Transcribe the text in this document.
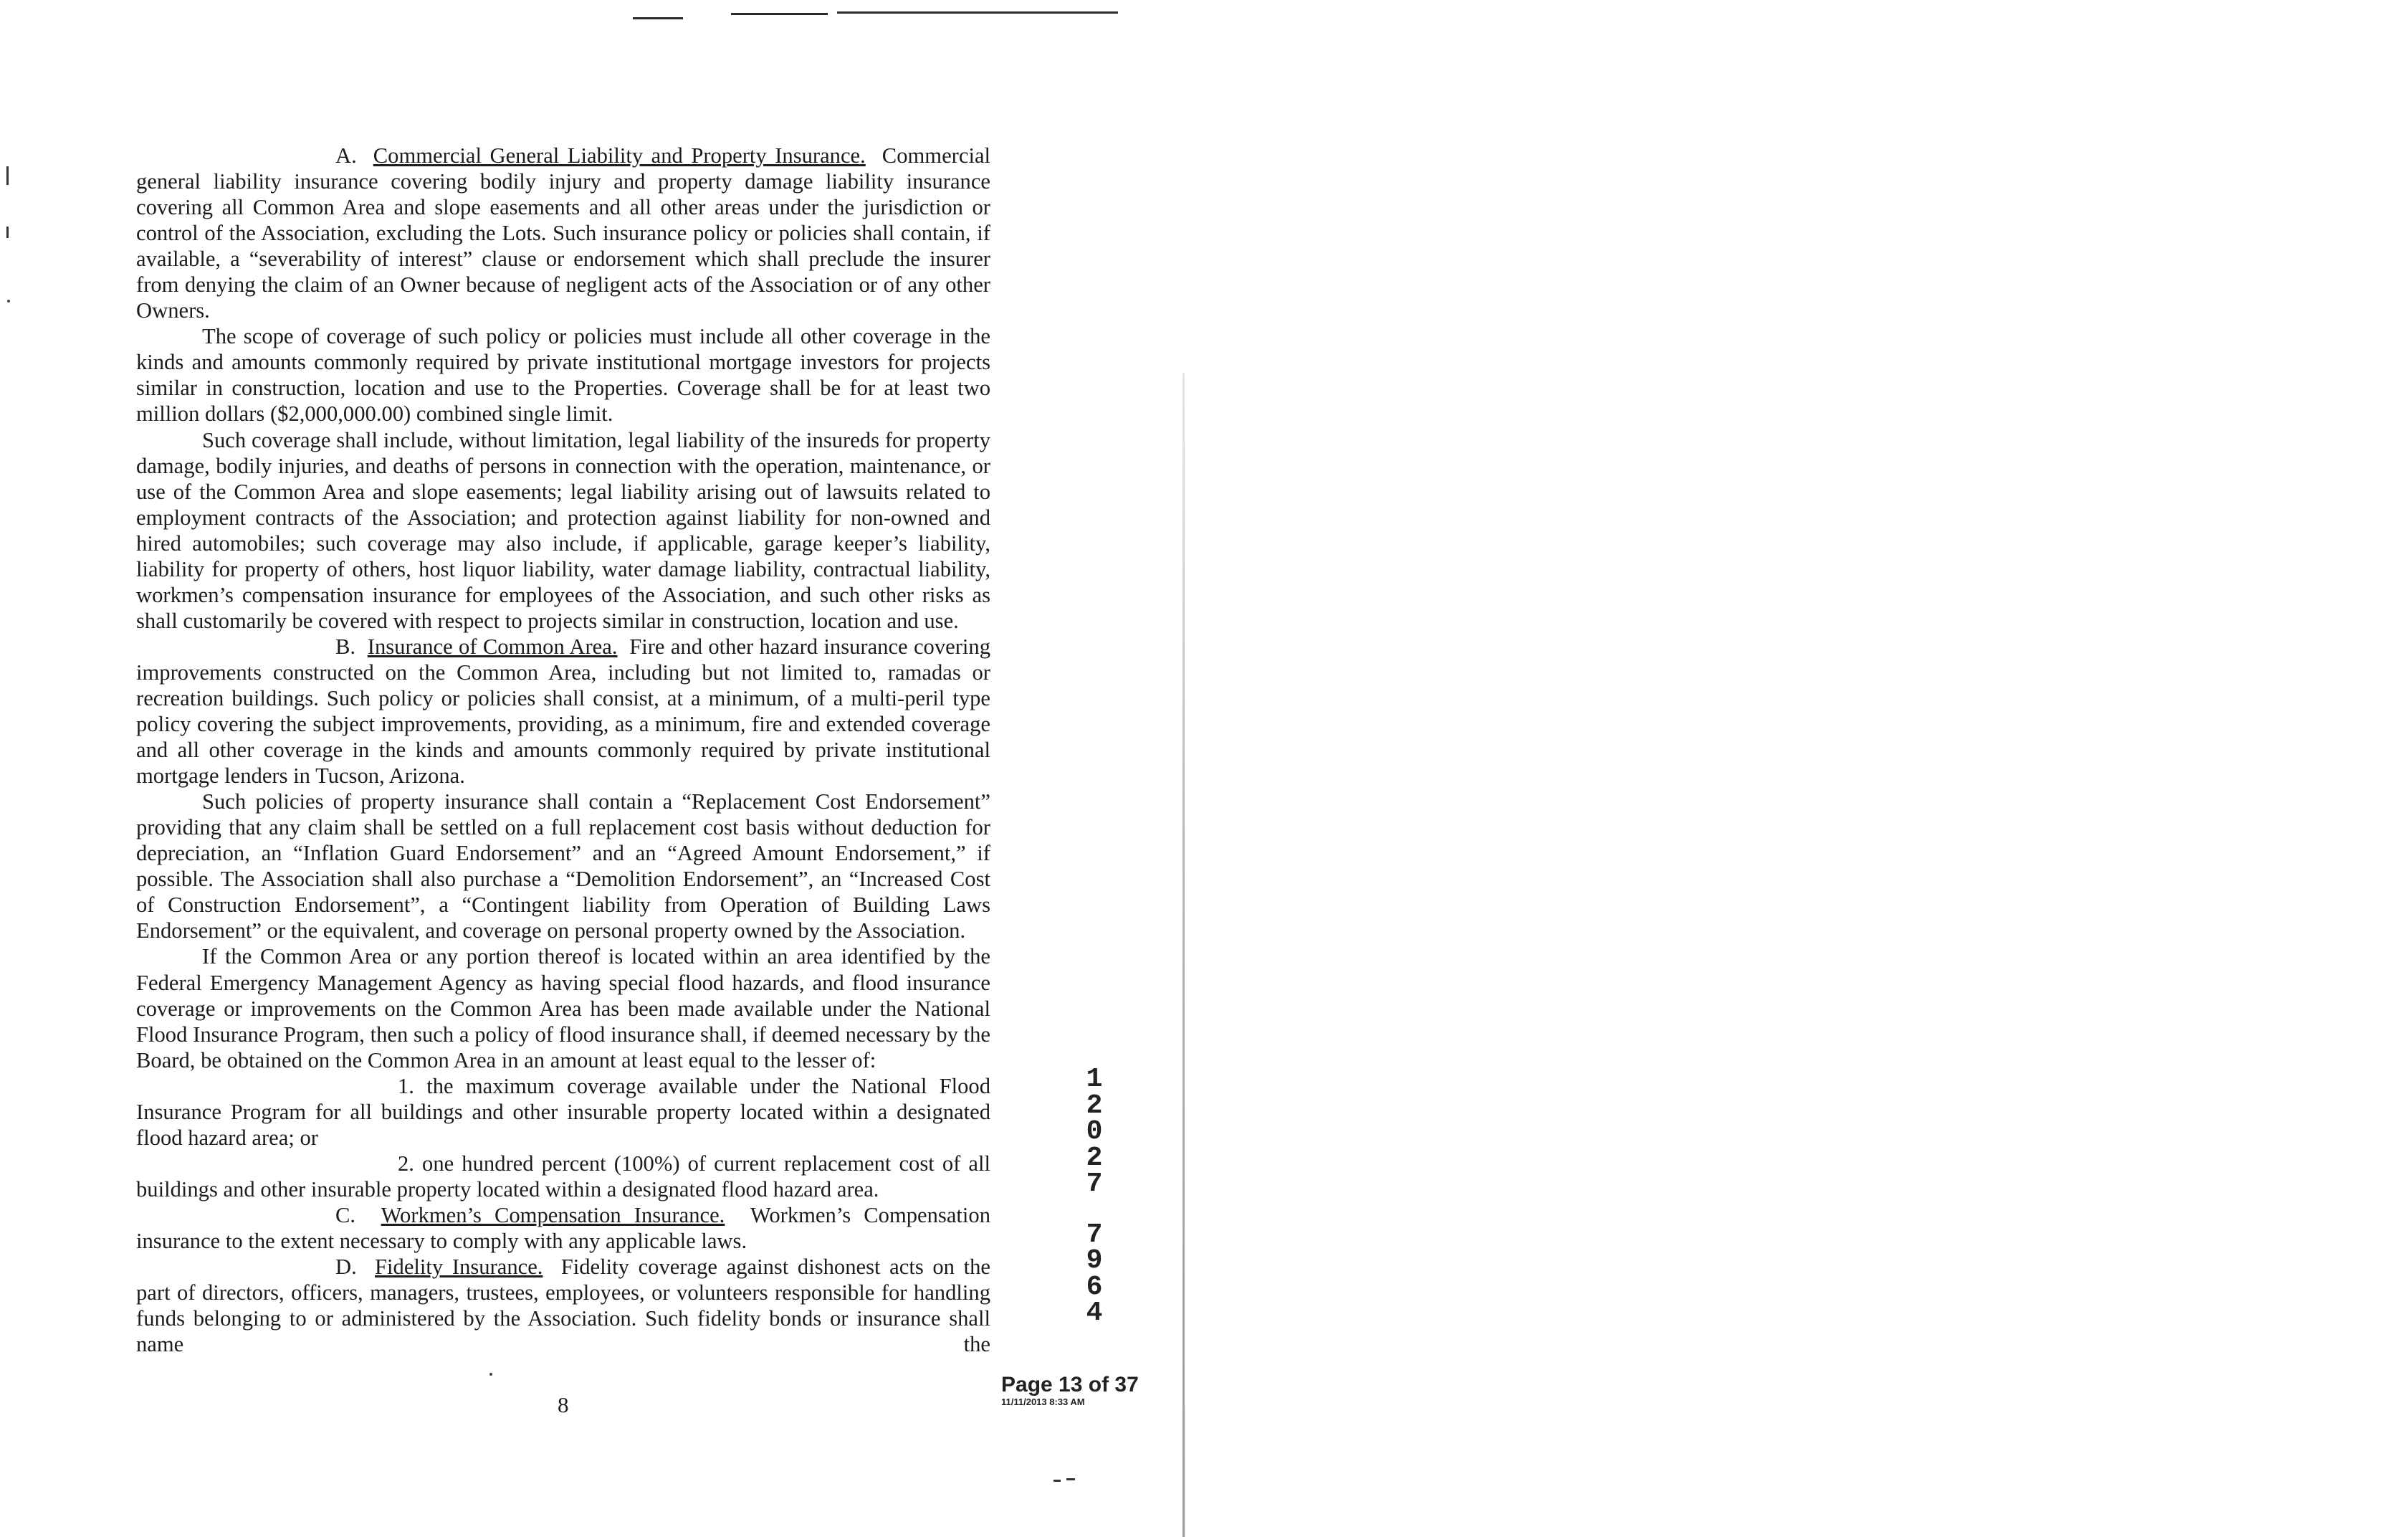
A. Commercial General Liability and Property Insurance. Commercial general liability insurance covering bodily injury and property damage liability insurance covering all Common Area and slope easements and all other areas under the jurisdiction or control of the Association, excluding the Lots. Such insurance policy or policies shall contain, if available, a “severability of interest” clause or endorsement which shall preclude the insurer from denying the claim of an Owner because of negligent acts of the Association or of any other Owners.

The scope of coverage of such policy or policies must include all other coverage in the kinds and amounts commonly required by private institutional mortgage investors for projects similar in construction, location and use to the Properties. Coverage shall be for at least two million dollars ($2,000,000.00) combined single limit.

Such coverage shall include, without limitation, legal liability of the insureds for property damage, bodily injuries, and deaths of persons in connection with the operation, maintenance, or use of the Common Area and slope easements; legal liability arising out of lawsuits related to employment contracts of the Association; and protection against liability for non-owned and hired automobiles; such coverage may also include, if applicable, garage keeper’s liability, liability for property of others, host liquor liability, water damage liability, contractual liability, workmen’s compensation insurance for employees of the Association, and such other risks as shall customarily be covered with respect to projects similar in construction, location and use.

B. Insurance of Common Area. Fire and other hazard insurance covering improvements constructed on the Common Area, including but not limited to, ramadas or recreation buildings. Such policy or policies shall consist, at a minimum, of a multi-peril type policy covering the subject improvements, providing, as a minimum, fire and extended coverage and all other coverage in the kinds and amounts commonly required by private institutional mortgage lenders in Tucson, Arizona.

Such policies of property insurance shall contain a “Replacement Cost Endorsement” providing that any claim shall be settled on a full replacement cost basis without deduction for depreciation, an “Inflation Guard Endorsement” and an “Agreed Amount Endorsement,” if possible. The Association shall also purchase a “Demolition Endorsement”, an “Increased Cost of Construction Endorsement”, a “Contingent liability from Operation of Building Laws Endorsement” or the equivalent, and coverage on personal property owned by the Association.

If the Common Area or any portion thereof is located within an area identified by the Federal Emergency Management Agency as having special flood hazards, and flood insurance coverage or improvements on the Common Area has been made available under the National Flood Insurance Program, then such a policy of flood insurance shall, if deemed necessary by the Board, be obtained on the Common Area in an amount at least equal to the lesser of:

1. the maximum coverage available under the National Flood Insurance Program for all buildings and other insurable property located within a designated flood hazard area; or

2. one hundred percent (100%) of current replacement cost of all buildings and other insurable property located within a designated flood hazard area.

C. Workmen’s Compensation Insurance. Workmen’s Compensation insurance to the extent necessary to comply with any applicable laws.

D. Fidelity Insurance. Fidelity coverage against dishonest acts on the part of directors, officers, managers, trustees, employees, or volunteers responsible for handling funds belonging to or administered by the Association. Such fidelity bonds or insurance shall name the

8
1
2
0
2
7
7
9
6
4
Page 13 of 37
11/11/2013 8:33 AM
